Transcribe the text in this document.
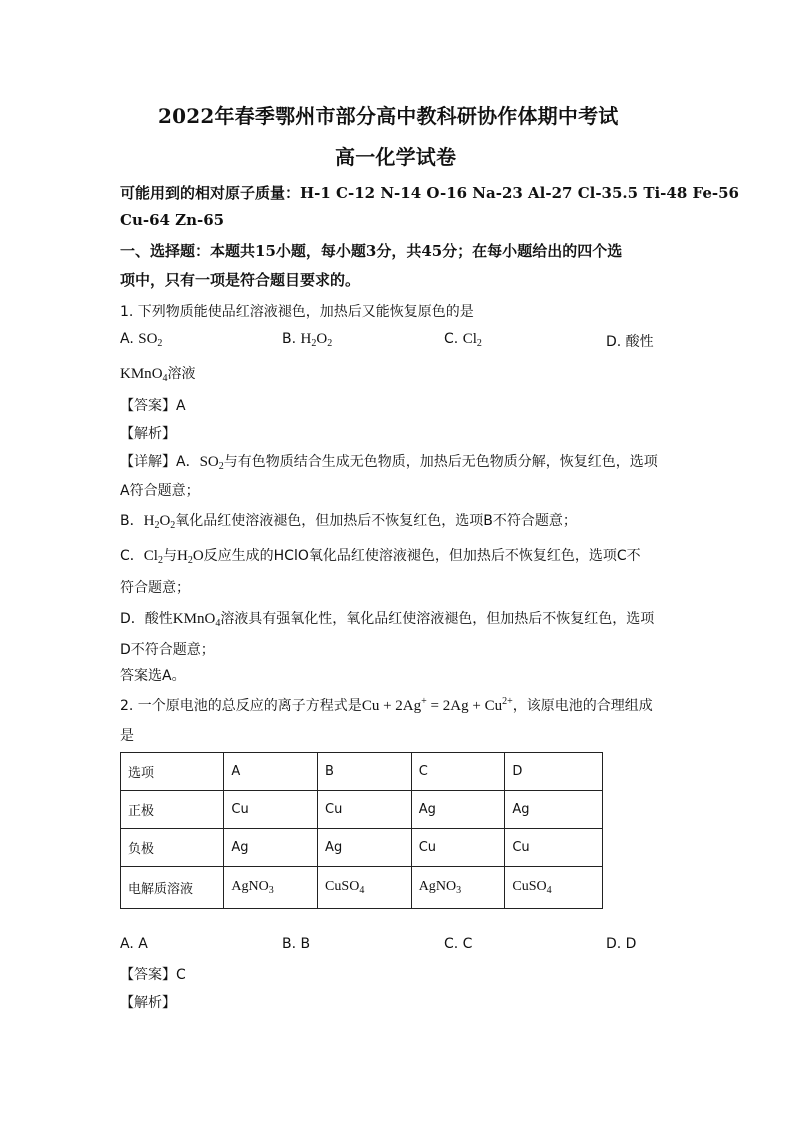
2022年春季鄂州市部分高中教科研协作体期中考试
高一化学试卷
可能用到的相对原子质量：H-1 C-12 N-14 O-16 Na-23 Al-27 Cl-35.5 Ti-48 Fe-56
Cu-64 Zn-65
一、选择题：本题共15小题，每小题3分，共45分；在每小题给出的四个选
项中，只有一项是符合题目要求的。
1. 下列物质能使品红溶液褪色，加热后又能恢复原色的是
A. $SO_2$	B. $H_2O_2$	C. $Cl_2$	D. 酸性
KMnO$_4$溶液
【答案】A
【解析】
【详解】A．$SO_2$与有色物质结合生成无色物质，加热后无色物质分解，恢复红色，选项
A符合题意；
B．$H_2O_2$氧化品红使溶液褪色，但加热后不恢复红色，选项B不符合题意；
C．$Cl_2$与$H_2O$反应生成的HClO氧化品红使溶液褪色，但加热后不恢复红色，选项C不
符合题意；
D．酸性KMnO$_4$溶液具有强氧化性，氧化品红使溶液褪色，但加热后不恢复红色，选项
D不符合题意；
答案选A。
2. 一个原电池的总反应的离子方程式是$Cu + 2Ag^+ = 2Ag + Cu^{2+}$，该原电池的合理组成
是
选项	A	B	C	D
正极	Cu	Cu	Ag	Ag
负极	Ag	Ag	Cu	Cu
电解质溶液	AgNO$_3$	CuSO$_4$	AgNO$_3$	CuSO$_4$
A. A	B. B	C. C	D. D
【答案】C
【解析】
